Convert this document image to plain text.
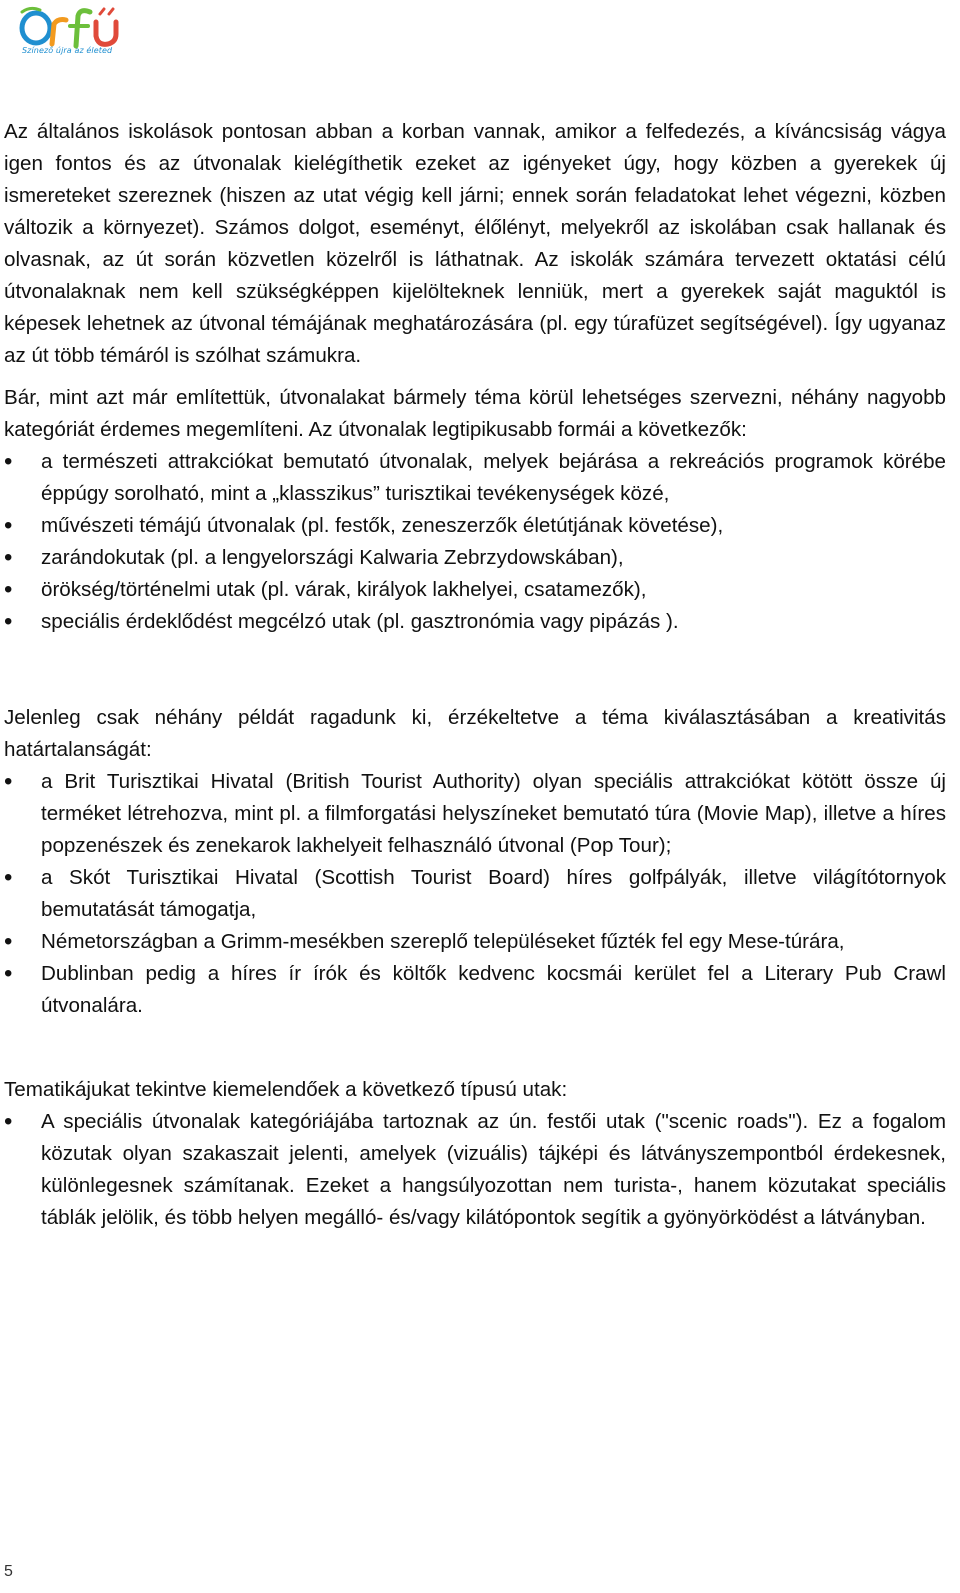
Színező újra az életed

Az általános iskolások pontosan abban a korban vannak, amikor a felfedezés, a kíváncsiság vágya igen fontos és az útvonalak kielégíthetik ezeket az igényeket úgy, hogy közben a gyerekek új ismereteket szereznek (hiszen az utat végig kell járni; ennek során feladatokat lehet végezni, közben változik a környezet). Számos dolgot, eseményt, élőlényt, melyekről az iskolában csak hallanak és olvasnak, az út során közvetlen közelről is láthatnak. Az iskolák számára tervezett oktatási célú útvonalaknak nem kell szükségképpen kijelölteknek lenniük, mert a gyerekek saját maguktól is képesek lehetnek az útvonal témájának meghatározására (pl. egy túrafüzet segítségével). Így ugyanaz az út több témáról is szólhat számukra.

Bár, mint azt már említettük, útvonalakat bármely téma körül lehetséges szervezni, néhány nagyobb kategóriát érdemes megemlíteni. Az útvonalak legtipikusabb formái a következők:

• a természeti attrakciókat bemutató útvonalak, melyek bejárása a rekreációs programok körébe éppúgy sorolható, mint a „klasszikus” turisztikai tevékenységek közé,
• művészeti témájú útvonalak (pl. festők, zeneszerzők életútjának követése),
• zarándokutak (pl. a lengyelországi Kalwaria Zebrzydowskában),
• örökség/történelmi utak (pl. várak, királyok lakhelyei, csatamezők),
• speciális érdeklődést megcélzó utak (pl. gasztronómia vagy pipázás ).

Jelenleg csak néhány példát ragadunk ki, érzékeltetve a téma kiválasztásában a kreativitás határtalanságát:

• a Brit Turisztikai Hivatal (British Tourist Authority) olyan speciális attrakciókat kötött össze új terméket létrehozva, mint pl. a filmforgatási helyszíneket bemutató túra (Movie Map), illetve a híres popzenészek és zenekarok lakhelyeit felhasználó útvonal (Pop Tour);
• a Skót Turisztikai Hivatal (Scottish Tourist Board) híres golfpályák, illetve világítótornyok bemutatását támogatja,
• Németországban a Grimm-mesékben szereplő településeket fűzték fel egy Mese-túrára,
• Dublinban pedig a híres ír írók és költők kedvenc kocsmái kerület fel a Literary Pub Crawl útvonalára.

Tematikájukat tekintve kiemelendőek a következő típusú utak:

• A speciális útvonalak kategóriájába tartoznak az ún. festői utak ("scenic roads"). Ez a fogalom közutak olyan szakaszait jelenti, amelyek (vizuális) tájképi és látványszempontból érdekesnek, különlegesnek számítanak. Ezeket a hangsúlyozottan nem turista-, hanem közutakat speciális táblák jelölik, és több helyen megálló- és/vagy kilátópontok segítik a gyönyörködést a látványban.
5
